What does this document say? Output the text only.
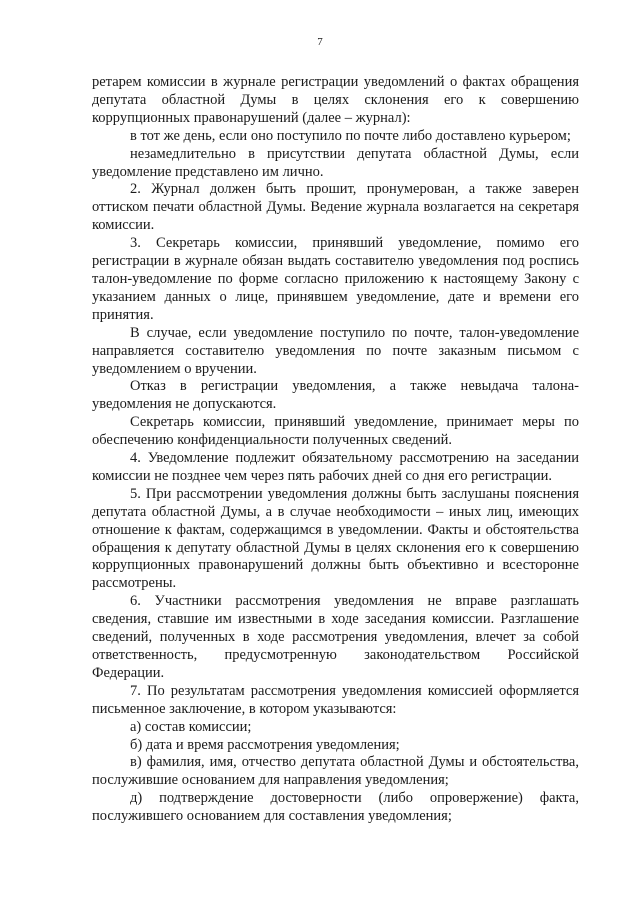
7

ретарем комиссии в журнале регистрации уведомлений о фактах обращения депутата областной Думы в целях склонения его к совершению коррупционных правонарушений (далее – журнал):

в тот же день, если оно поступило по почте либо доставлено курьером;

незамедлительно в присутствии депутата областной Думы, если уведомление представлено им лично.

2. Журнал должен быть прошит, пронумерован, а также заверен оттиском печати областной Думы. Ведение журнала возлагается на секретаря комиссии.

3. Секретарь комиссии, принявший уведомление, помимо его регистрации в журнале обязан выдать составителю уведомления под роспись талон-уведомление по форме согласно приложению к настоящему Закону с указанием данных о лице, принявшем уведомление, дате и времени его принятия.

В случае, если уведомление поступило по почте, талон-уведомление направляется составителю уведомления по почте заказным письмом с уведомлением о вручении.

Отказ в регистрации уведомления, а также невыдача талона-уведомления не допускаются.

Секретарь комиссии, принявший уведомление, принимает меры по обеспечению конфиденциальности полученных сведений.

4. Уведомление подлежит обязательному рассмотрению на заседании комиссии не позднее чем через пять рабочих дней со дня его регистрации.

5. При рассмотрении уведомления должны быть заслушаны пояснения депутата областной Думы, а в случае необходимости – иных лиц, имеющих отношение к фактам, содержащимся в уведомлении. Факты и обстоятельства обращения к депутату областной Думы в целях склонения его к совершению коррупционных правонарушений должны быть объективно и всесторонне рассмотрены.

6. Участники рассмотрения уведомления не вправе разглашать сведения, ставшие им известными в ходе заседания комиссии. Разглашение сведений, полученных в ходе рассмотрения уведомления, влечет за собой ответственность, предусмотренную законодательством Российской Федерации.

7. По результатам рассмотрения уведомления комиссией оформляется письменное заключение, в котором указываются:

а) состав комиссии;

б) дата и время рассмотрения уведомления;

в) фамилия, имя, отчество депутата областной Думы и обстоятельства, послужившие основанием для направления уведомления;

д) подтверждение достоверности (либо опровержение) факта, послужившего основанием для составления уведомления;
